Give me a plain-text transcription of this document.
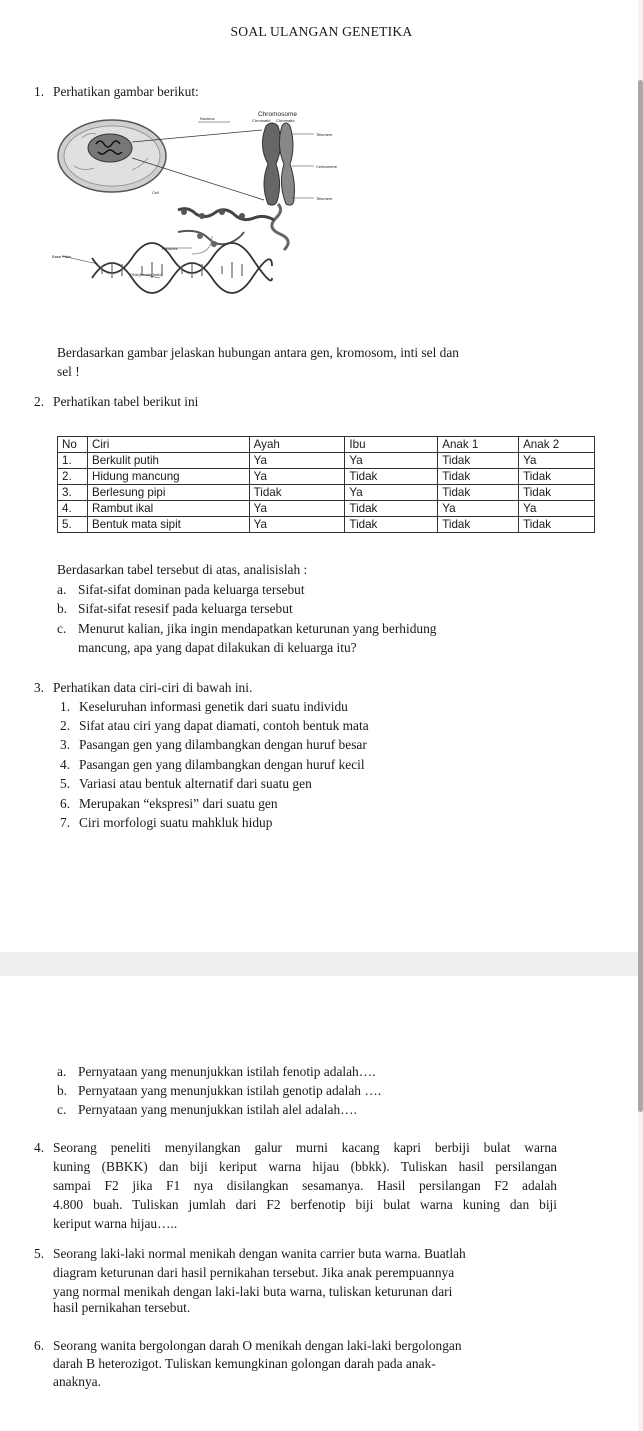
SOAL ULANGAN GENETIKA
1. Perhatikan gambar berikut:
Chromosome
Chromatid Chromatid
Nucleus
Telomere
Centromere
Telomere
Cell
Histones
Base Pairs
DNA(double helix)
Berdasarkan gambar jelaskan hubungan antara gen, kromosom, inti sel dan
sel !
2. Perhatikan tabel berikut ini
No	Ciri	Ayah	Ibu	Anak 1	Anak 2
1.	Berkulit putih	Ya	Ya	Tidak	Ya
2.	Hidung mancung	Ya	Tidak	Tidak	Tidak
3.	Berlesung pipi	Tidak	Ya	Tidak	Tidak
4.	Rambut ikal	Ya	Tidak	Ya	Ya
5.	Bentuk mata sipit	Ya	Tidak	Tidak	Tidak
Berdasarkan tabel tersebut di atas, analisislah :
a. Sifat-sifat dominan pada keluarga tersebut
b. Sifat-sifat resesif pada keluarga tersebut
c. Menurut kalian, jika ingin mendapatkan keturunan yang berhidung
mancung, apa yang dapat dilakukan di keluarga itu?
3. Perhatikan data ciri-ciri di bawah ini.
1. Keseluruhan informasi genetik dari suatu individu
2. Sifat atau ciri yang dapat diamati, contoh bentuk mata
3. Pasangan gen yang dilambangkan dengan huruf besar
4. Pasangan gen yang dilambangkan dengan huruf kecil
5. Variasi atau bentuk alternatif dari suatu gen
6. Merupakan “ekspresi” dari suatu gen
7. Ciri morfologi suatu mahkluk hidup
a. Pernyataan yang menunjukkan istilah fenotip adalah….
b. Pernyataan yang menunjukkan istilah genotip adalah ….
c. Pernyataan yang menunjukkan istilah alel adalah….
4. Seorang peneliti menyilangkan galur murni kacang kapri berbiji bulat warna
kuning (BBKK) dan biji keriput warna hijau (bbkk). Tuliskan hasil persilangan
sampai F2 jika F1 nya disilangkan sesamanya. Hasil persilangan F2 adalah
4.800 buah. Tuliskan jumlah dari F2 berfenotip biji bulat warna kuning dan biji
keriput warna hijau…..
5. Seorang laki-laki normal menikah dengan wanita carrier buta warna. Buatlah
diagram keturunan dari hasil pernikahan tersebut. Jika anak perempuannya
yang normal menikah dengan laki-laki buta warna, tuliskan keturunan dari
hasil pernikahan tersebut.
6. Seorang wanita bergolongan darah O menikah dengan laki-laki bergolongan
darah B heterozigot. Tuliskan kemungkinan golongan darah pada anak-
anaknya.
